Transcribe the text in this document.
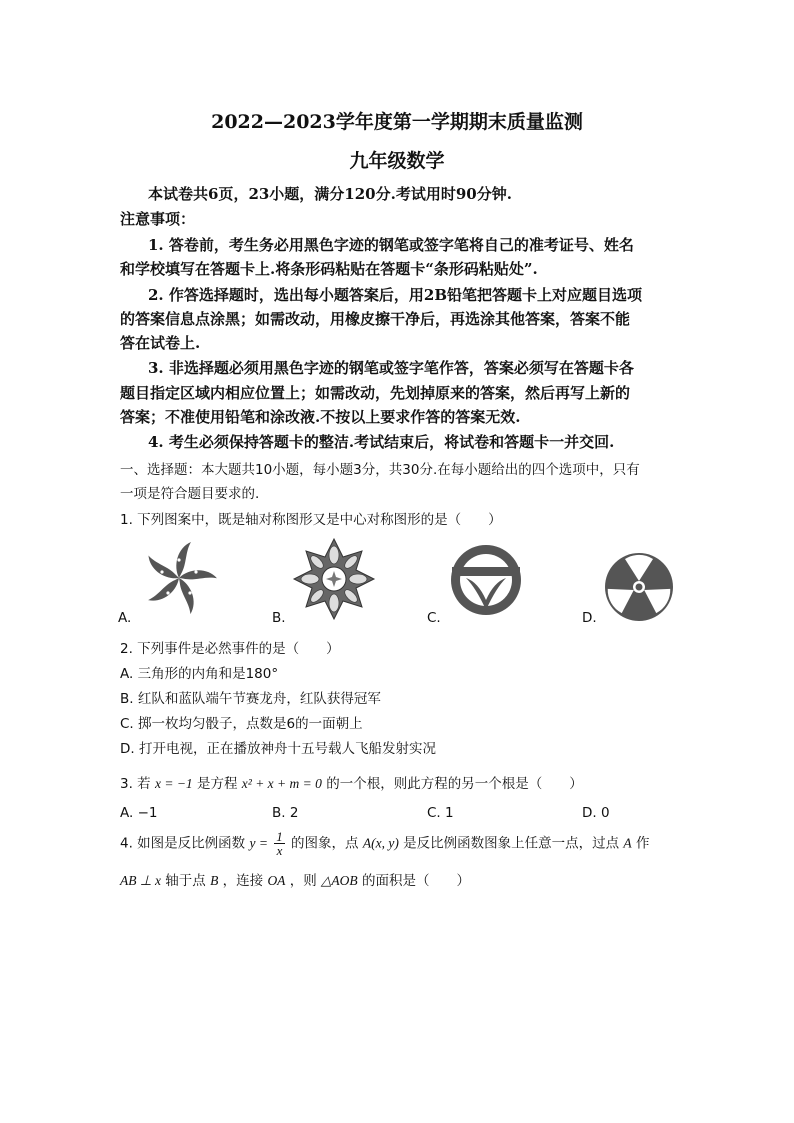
2022—2023学年度第一学期期末质量监测
九年级数学
本试卷共6页，23小题，满分120分.考试用时90分钟.
注意事项：
1. 答卷前，考生务必用黑色字迹的钢笔或签字笔将自己的准考证号、姓名
和学校填写在答题卡上.将条形码粘贴在答题卡“条形码粘贴处”.
2. 作答选择题时，选出每小题答案后，用2B铅笔把答题卡上对应题目选项
的答案信息点涂黑；如需改动，用橡皮擦干净后，再选涂其他答案，答案不能
答在试卷上.
3. 非选择题必须用黑色字迹的钢笔或签字笔作答，答案必须写在答题卡各
题目指定区域内相应位置上；如需改动，先划掉原来的答案，然后再写上新的
答案；不准使用铅笔和涂改液.不按以上要求作答的答案无效.
4. 考生必须保持答题卡的整洁.考试结束后，将试卷和答题卡一并交回.
一、选择题：本大题共10小题，每小题3分，共30分.在每小题给出的四个选项中，只有
一项是符合题目要求的.
1. 下列图案中，既是轴对称图形又是中心对称图形的是（　　）
A.	B.	C.	D.
2. 下列事件是必然事件的是（　　）
A. 三角形的内角和是180°
B. 红队和蓝队端午节赛龙舟，红队获得冠军
C. 掷一枚均匀骰子，点数是6的一面朝上
D. 打开电视，正在播放神舟十五号载人飞船发射实况
3. 若 x = −1 是方程 x² + x + m = 0 的一个根，则此方程的另一个根是（　　）
A. −1	B. 2	C. 1	D. 0
4. 如图是反比例函数 $y = \frac{1}{x}$ 的图象，点 A(x, y) 是反比例函数图象上任意一点，过点 A 作
AB ⊥ x 轴于点 B ，连接 OA ，则 △AOB 的面积是（　　）
